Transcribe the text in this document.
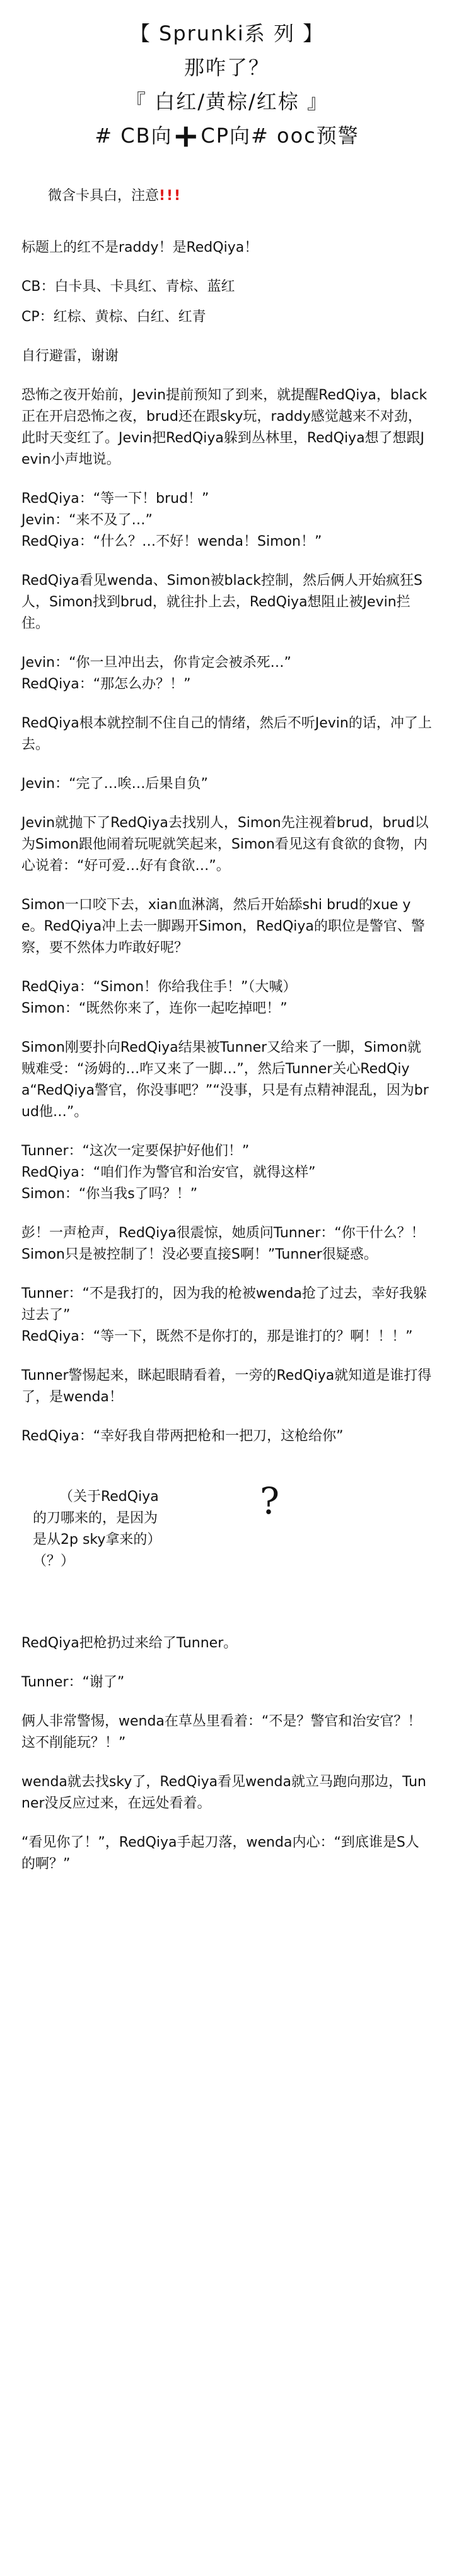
【 Sprunki系 列 】
那咋了？
『 白红/黄棕/红棕 』
# CB向+CP向# ooc预警

微含卡具白，注意!!!

标题上的红不是raddy！是RedQiya！

CB：白卡具、卡具红、青棕、蓝红

CP：红棕、黄棕、白红、红青

自行避雷，谢谢

恐怖之夜开始前，Jevin提前预知了到来，就提醒RedQiya，black正在开启恐怖之夜，brud还在跟sky玩，raddy感觉越来不对劲，此时天变红了。Jevin把RedQiya躲到丛林里，RedQiya想了想跟Jevin小声地说。

RedQiya：“等一下！brud！”
Jevin：“来不及了…”
RedQiya：“什么？…不好！wenda！Simon！”

RedQiya看见wenda、Simon被black控制，然后俩人开始疯狂S人，Simon找到brud，就往扑上去，RedQiya想阻止被Jevin拦住。

Jevin：“你一旦冲出去，你肯定会被杀死…”
RedQiya：“那怎么办？！”

RedQiya根本就控制不住自己的情绪，然后不听Jevin的话，冲了上去。

Jevin：“完了…唉…后果自负”

Jevin就抛下了RedQiya去找别人，Simon先注视着brud，brud以为Simon跟他闹着玩呢就笑起来，Simon看见这有食欲的食物，内心说着：“好可爱…好有食欲…”。

Simon一口咬下去，xian血淋漓，然后开始舔shi brud的xue ye。RedQiya冲上去一脚踢开Simon，RedQiya的职位是警官、警察，要不然体力咋敢好呢？

RedQiya：“Simon！你给我住手！”（大喊）
Simon：“既然你来了，连你一起吃掉吧！”

Simon刚要扑向RedQiya结果被Tunner又给来了一脚，Simon就贼难受：“汤姆的…咋又来了一脚…”，然后Tunner关心RedQiya“RedQiya警官，你没事吧？”“没事，只是有点精神混乱，因为brud他…”。

Tunner：“这次一定要保护好他们！”
RedQiya：“咱们作为警官和治安官，就得这样”
Simon：“你当我s了吗？！”

彭！一声枪声，RedQiya很震惊，她质问Tunner：“你干什么？！Simon只是被控制了！没必要直接S啊！”Tunner很疑惑。

Tunner：“不是我打的，因为我的枪被wenda抢了过去，幸好我躲过去了”
RedQiya：“等一下，既然不是你打的，那是谁打的？啊！！！”

Tunner警惕起来，眯起眼睛看着，一旁的RedQiya就知道是谁打得了，是wenda！

RedQiya：“幸好我自带两把枪和一把刀，这枪给你”

（关于RedQiya的刀哪来的，是因为是从2p sky拿来的）（？）

?

RedQiya把枪扔过来给了Tunner。

Tunner：“谢了”

俩人非常警惕，wenda在草丛里看着：“不是？警官和治安官？！这不削能玩？！”

wenda就去找sky了，RedQiya看见wenda就立马跑向那边，Tunner没反应过来，在远处看着。

“看见你了！”，RedQiya手起刀落，wenda内心：“到底谁是S人的啊？”
